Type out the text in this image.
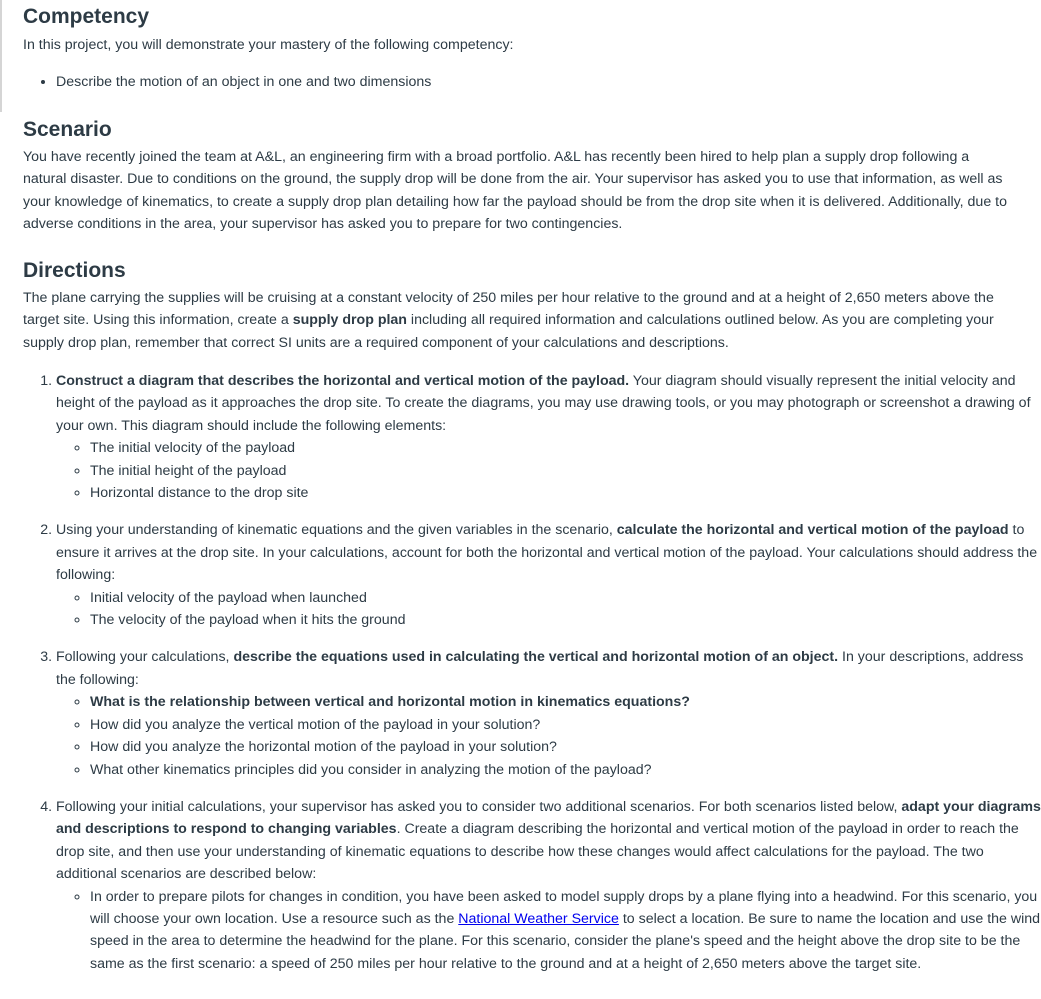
Competency

In this project, you will demonstrate your mastery of the following competency:

• Describe the motion of an object in one and two dimensions
Scenario

You have recently joined the team at A&L, an engineering firm with a broad portfolio. A&L has recently been hired to help plan a supply drop following a natural disaster. Due to conditions on the ground, the supply drop will be done from the air. Your supervisor has asked you to use that information, as well as your knowledge of kinematics, to create a supply drop plan detailing how far the payload should be from the drop site when it is delivered. Additionally, due to adverse conditions in the area, your supervisor has asked you to prepare for two contingencies.

Directions

The plane carrying the supplies will be cruising at a constant velocity of 250 miles per hour relative to the ground and at a height of 2,650 meters above the target site. Using this information, create a supply drop plan including all required information and calculations outlined below. As you are completing your supply drop plan, remember that correct SI units are a required component of your calculations and descriptions.

1. Construct a diagram that describes the horizontal and vertical motion of the payload. Your diagram should visually represent the initial velocity and height of the payload as it approaches the drop site. To create the diagrams, you may use drawing tools, or you may photograph or screenshot a drawing of your own. This diagram should include the following elements:
◦ The initial velocity of the payload
◦ The initial height of the payload
◦ Horizontal distance to the drop site
2. Using your understanding of kinematic equations and the given variables in the scenario, calculate the horizontal and vertical motion of the payload to ensure it arrives at the drop site. In your calculations, account for both the horizontal and vertical motion of the payload. Your calculations should address the following:
◦ Initial velocity of the payload when launched
◦ The velocity of the payload when it hits the ground
3. Following your calculations, describe the equations used in calculating the vertical and horizontal motion of an object. In your descriptions, address the following:
◦ What is the relationship between vertical and horizontal motion in kinematics equations?
◦ How did you analyze the vertical motion of the payload in your solution?
◦ How did you analyze the horizontal motion of the payload in your solution?
◦ What other kinematics principles did you consider in analyzing the motion of the payload?
4. Following your initial calculations, your supervisor has asked you to consider two additional scenarios. For both scenarios listed below, adapt your diagrams and descriptions to respond to changing variables. Create a diagram describing the horizontal and vertical motion of the payload in order to reach the drop site, and then use your understanding of kinematic equations to describe how these changes would affect calculations for the payload. The two additional scenarios are described below:
◦ In order to prepare pilots for changes in condition, you have been asked to model supply drops by a plane flying into a headwind. For this scenario, you will choose your own location. Use a resource such as the National Weather Service to select a location. Be sure to name the location and use the wind speed in the area to determine the headwind for the plane. For this scenario, consider the plane's speed and the height above the drop site to be the same as the first scenario: a speed of 250 miles per hour relative to the ground and at a height of 2,650 meters above the target site.
